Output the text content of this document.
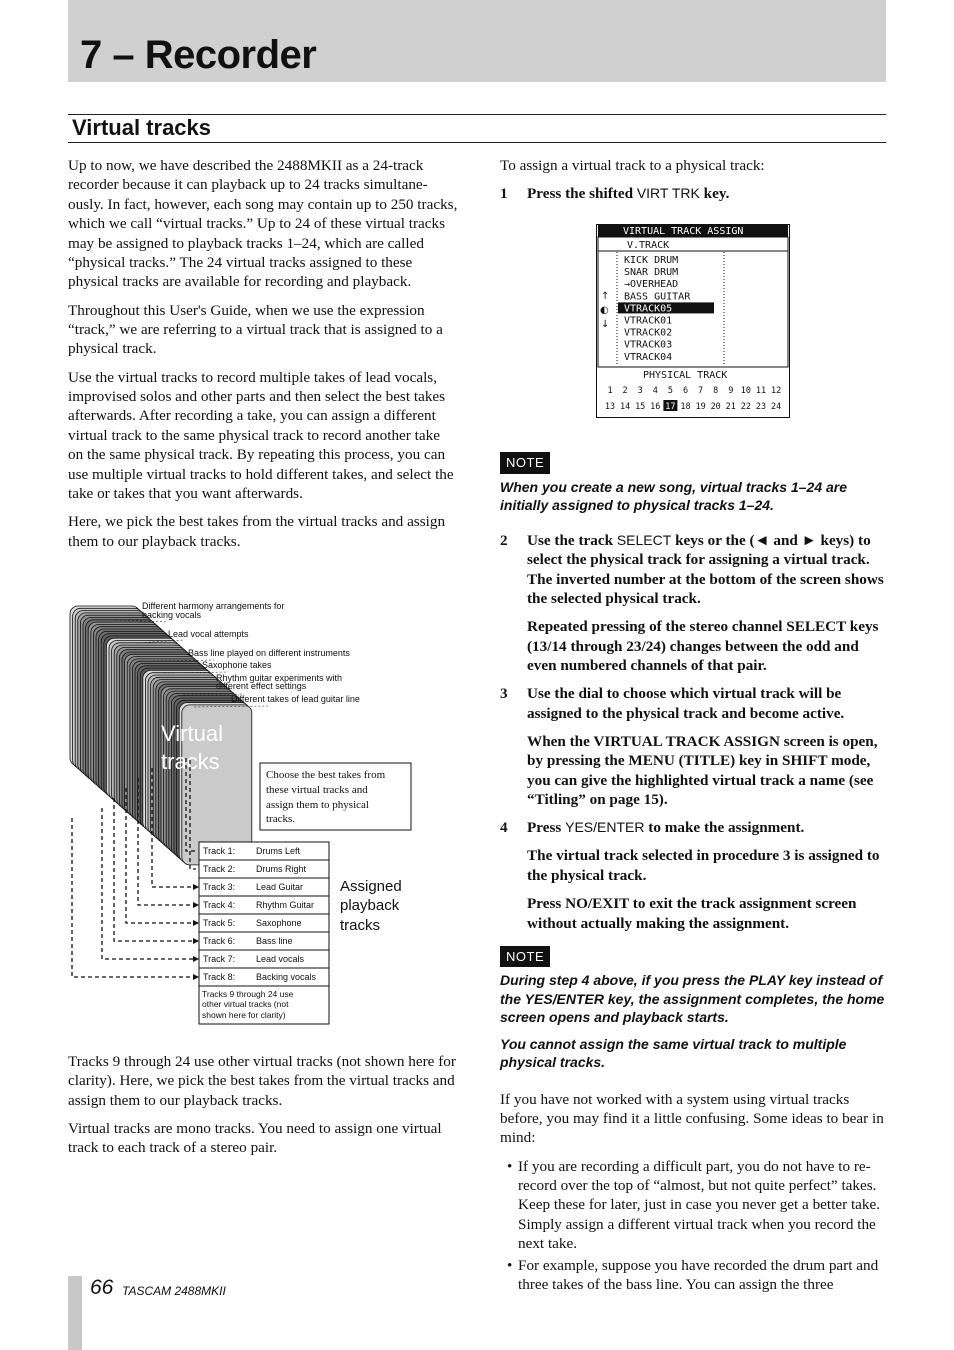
7 – Recorder
Virtual tracks

Up to now, we have described the 2488MKII as a 24-track recorder because it can playback up to 24 tracks simultane-ously. In fact, however, each song may contain up to 250 tracks, which we call “virtual tracks.” Up to 24 of these virtual tracks may be assigned to playback tracks 1–24, which are called “physical tracks.” The 24 virtual tracks assigned to these physical tracks are available for recording and playback.

Throughout this User's Guide, when we use the expression “track,” we are referring to a virtual track that is assigned to a physical track.

Use the virtual tracks to record multiple takes of lead vocals, improvised solos and other parts and then select the best takes afterwards. After recording a take, you can assign a different virtual track to the same physical track to record another take on the same physical track. By repeating this process, you can use multiple virtual tracks to hold different takes, and select the take or takes that you want afterwards.

Here, we pick the best takes from the virtual tracks and assign them to our playback tracks.

Different harmony arrangements for
backing vocals
Lead vocal attempts
Bass line played on different instruments
Saxophone takes
Rhythm guitar experiments with
different effect settings
Different takes of lead guitar line
Virtual
tracks
Choose the best takes from these virtual tracks and assign them to physical tracks.
Track 1: Drums Left
Track 2: Drums Right
Track 3: Lead Guitar
Track 4: Rhythm Guitar
Track 5: Saxophone
Track 6: Bass line
Track 7: Lead vocals
Track 8: Backing vocals
Tracks 9 through 24 use other virtual tracks (not shown here for clarity)
Assigned playback tracks

Tracks 9 through 24 use other virtual tracks (not shown here for clarity). Here, we pick the best takes from the virtual tracks and assign them to our playback tracks.

Virtual tracks are mono tracks. You need to assign one virtual track to each track of a stereo pair.

To assign a virtual track to a physical track:

1 Press the shifted VIRT TRK key.
NOTE
When you create a new song, virtual tracks 1–24 are initially assigned to physical tracks 1–24.
2 Use the track SELECT keys or the (◄ and ► keys) to select the physical track for assigning a virtual track. The inverted number at the bottom of the screen shows the selected physical track.
Repeated pressing of the stereo channel SELECT keys (13/14 through 23/24) changes between the odd and even numbered channels of that pair.
3 Use the dial to choose which virtual track will be assigned to the physical track and become active.
When the VIRTUAL TRACK ASSIGN screen is open, by pressing the MENU (TITLE) key in SHIFT mode, you can give the highlighted virtual track a name (see “Titling” on page 15).
4 Press YES/ENTER to make the assignment.
The virtual track selected in procedure 3 is assigned to the physical track.
Press NO/EXIT to exit the track assignment screen without actually making the assignment.
NOTE
During step 4 above, if you press the PLAY key instead of the YES/ENTER key, the assignment completes, the home screen opens and playback starts.
You cannot assign the same virtual track to multiple physical tracks.

If you have not worked with a system using virtual tracks before, you may find it a little confusing. Some ideas to bear in mind:

• If you are recording a difficult part, you do not have to re-record over the top of “almost, but not quite perfect” takes. Keep these for later, just in case you never get a better take. Simply assign a different virtual track when you record the next take.
• For example, suppose you have recorded the drum part and three takes of the bass line. You can assign the three
VIRTUAL TRACK ASSIGN
V.TRACK
KICK DRUM
SNAR DRUM
→OVERHEAD
BASS GUITAR
VTRACK05
VTRACK01
VTRACK02
VTRACK03
VTRACK04
↑
◐
↓
PHYSICAL TRACK
1 2 3 4 5 6 7 8 9 10 11 12
13 14 15 16 17 18 19 20 21 22 23 24
66 TASCAM 2488MKII
